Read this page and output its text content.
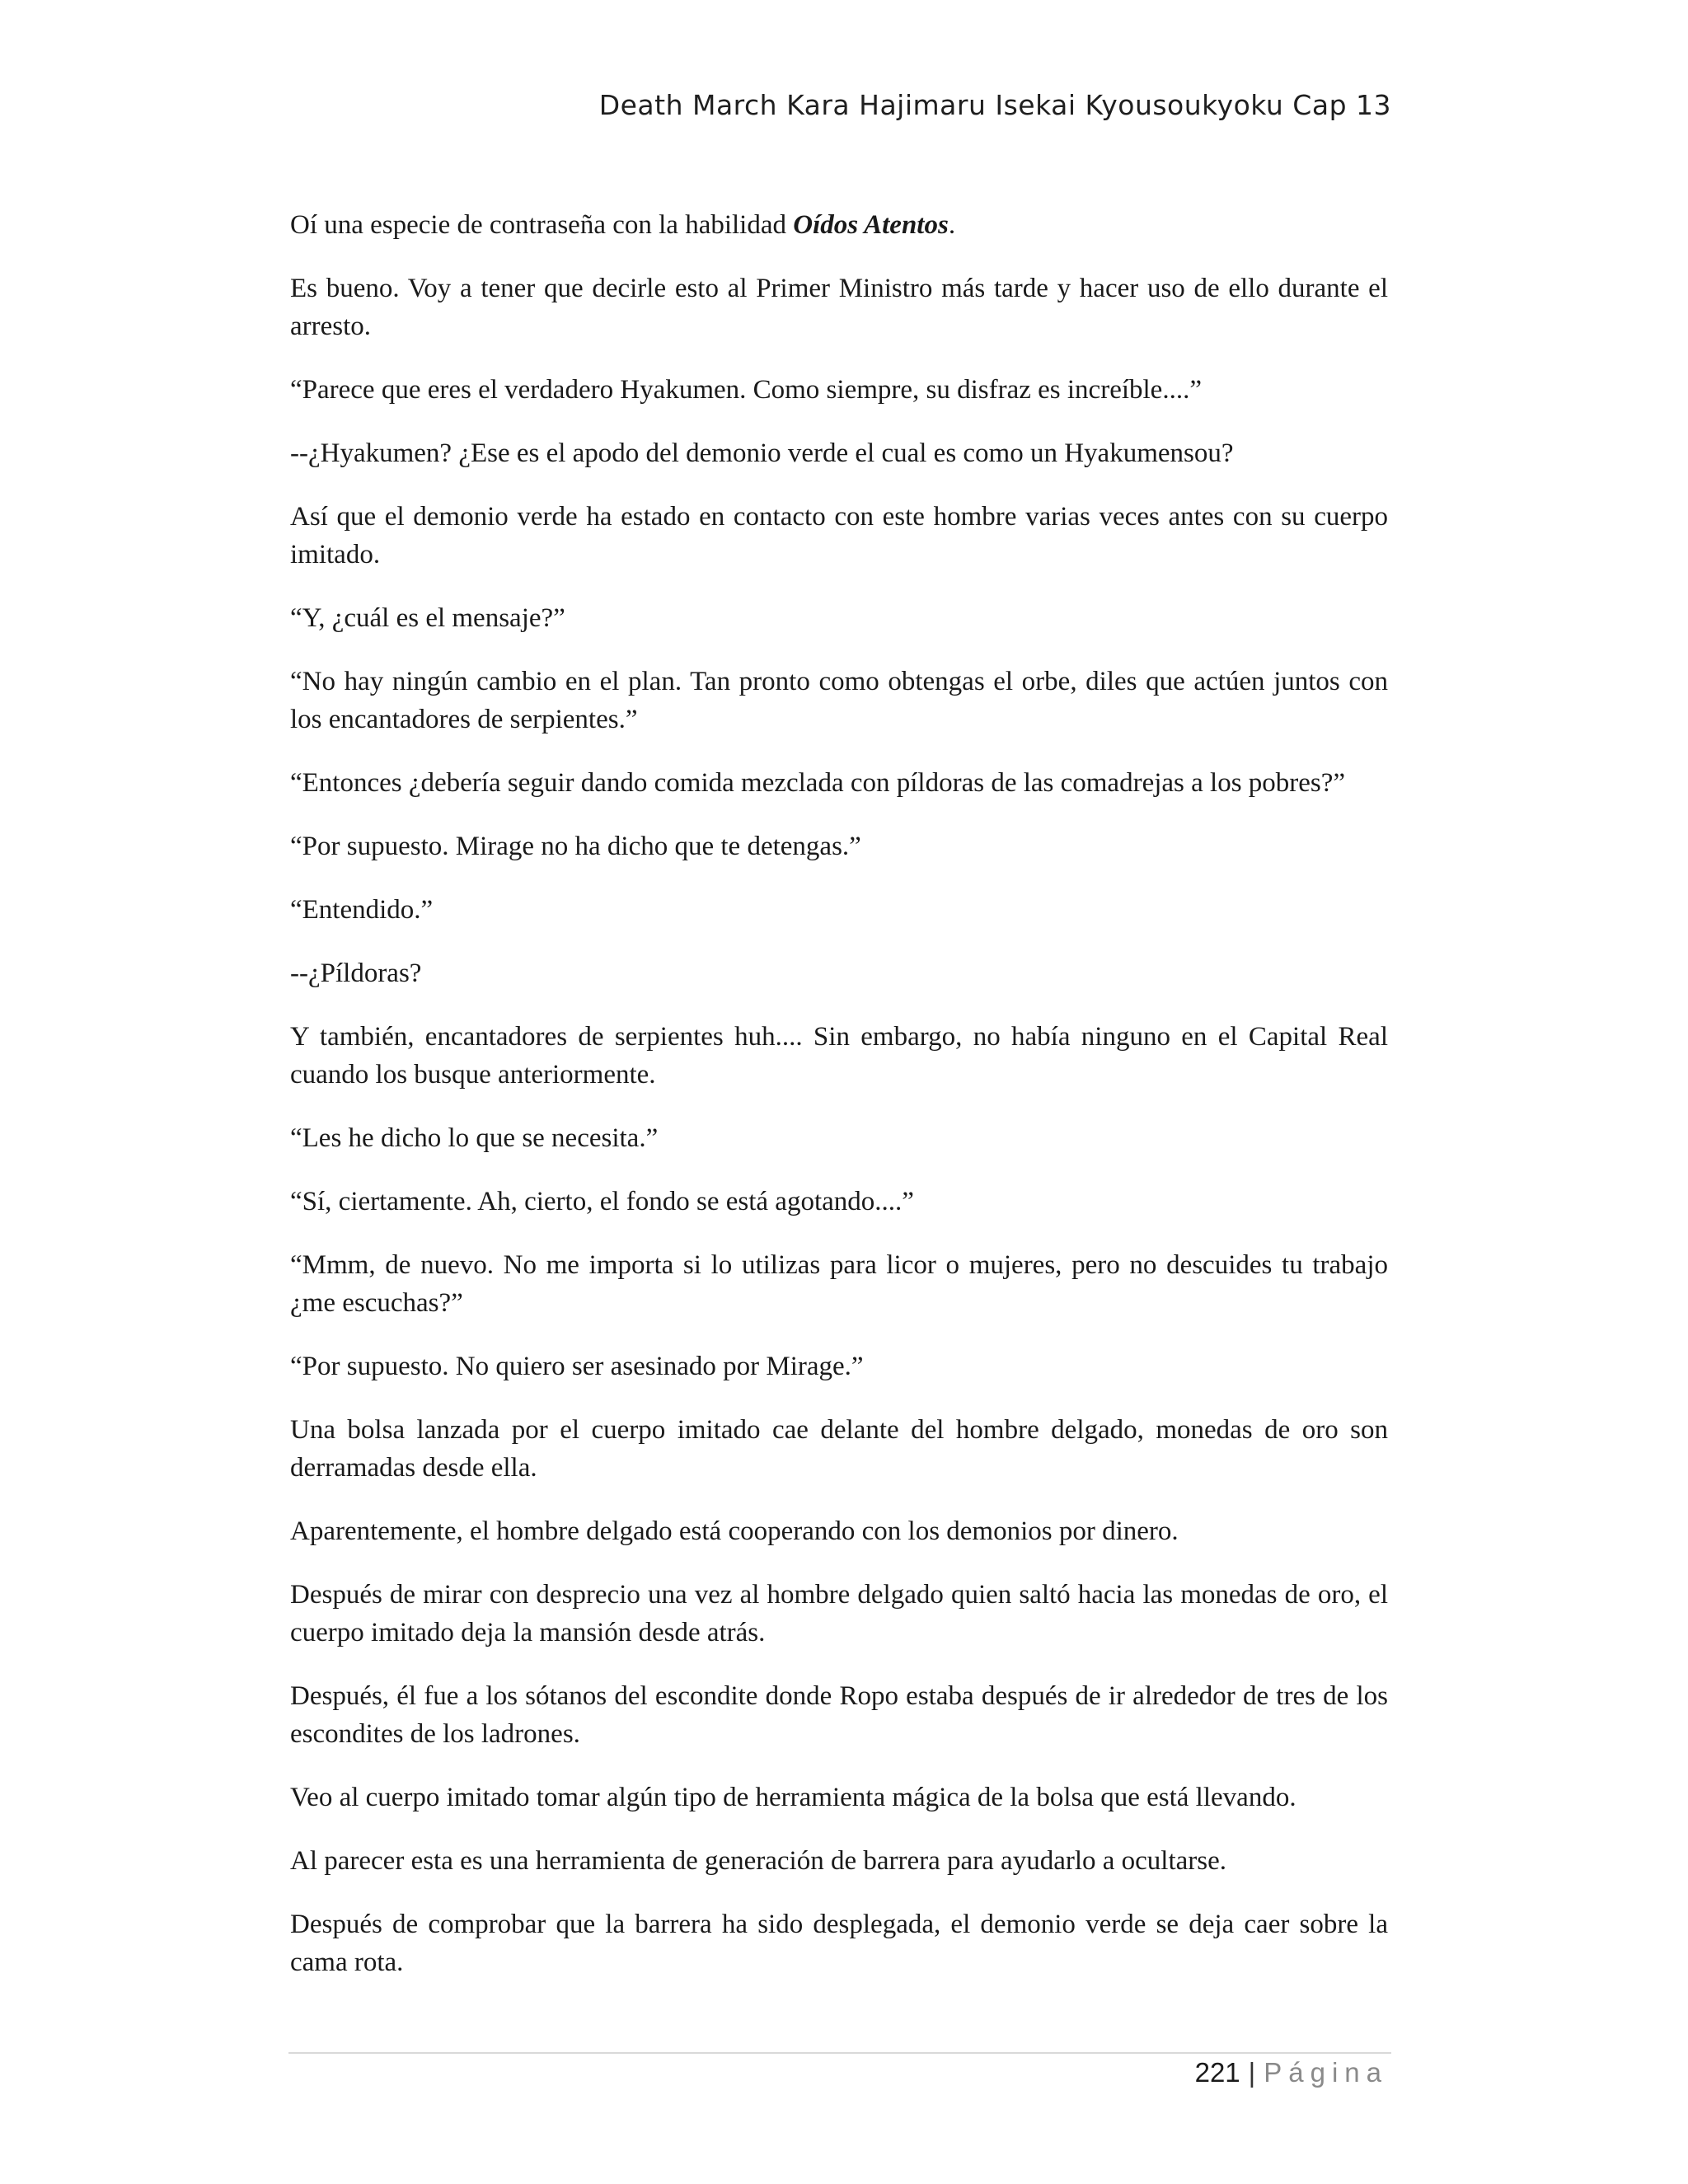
Death March Kara Hajimaru Isekai Kyousoukyoku Cap 13

Oí una especie de contraseña con la habilidad Oídos Atentos.

Es bueno. Voy a tener que decirle esto al Primer Ministro más tarde y hacer uso de ello durante el arresto.

“Parece que eres el verdadero Hyakumen. Como siempre, su disfraz es increíble....”

--¿Hyakumen? ¿Ese es el apodo del demonio verde el cual es como un Hyakumensou?

Así que el demonio verde ha estado en contacto con este hombre varias veces antes con su cuerpo imitado.

“Y, ¿cuál es el mensaje?”

“No hay ningún cambio en el plan. Tan pronto como obtengas el orbe, diles que actúen juntos con los encantadores de serpientes.”

“Entonces ¿debería seguir dando comida mezclada con píldoras de las comadrejas a los pobres?”

“Por supuesto. Mirage no ha dicho que te detengas.”

“Entendido.”

--¿Píldoras?

Y también, encantadores de serpientes huh.... Sin embargo, no había ninguno en el Capital Real cuando los busque anteriormente.

“Les he dicho lo que se necesita.”

“Sí, ciertamente. Ah, cierto, el fondo se está agotando....”

“Mmm, de nuevo. No me importa si lo utilizas para licor o mujeres, pero no descuides tu trabajo ¿me escuchas?”

“Por supuesto. No quiero ser asesinado por Mirage.”

Una bolsa lanzada por el cuerpo imitado cae delante del hombre delgado, monedas de oro son derramadas desde ella.

Aparentemente, el hombre delgado está cooperando con los demonios por dinero.

Después de mirar con desprecio una vez al hombre delgado quien saltó hacia las monedas de oro, el cuerpo imitado deja la mansión desde atrás.

Después, él fue a los sótanos del escondite donde Ropo estaba después de ir alrededor de tres de los escondites de los ladrones.

Veo al cuerpo imitado tomar algún tipo de herramienta mágica de la bolsa que está llevando.

Al parecer esta es una herramienta de generación de barrera para ayudarlo a ocultarse.

Después de comprobar que la barrera ha sido desplegada, el demonio verde se deja caer sobre la cama rota.

221 | Página
